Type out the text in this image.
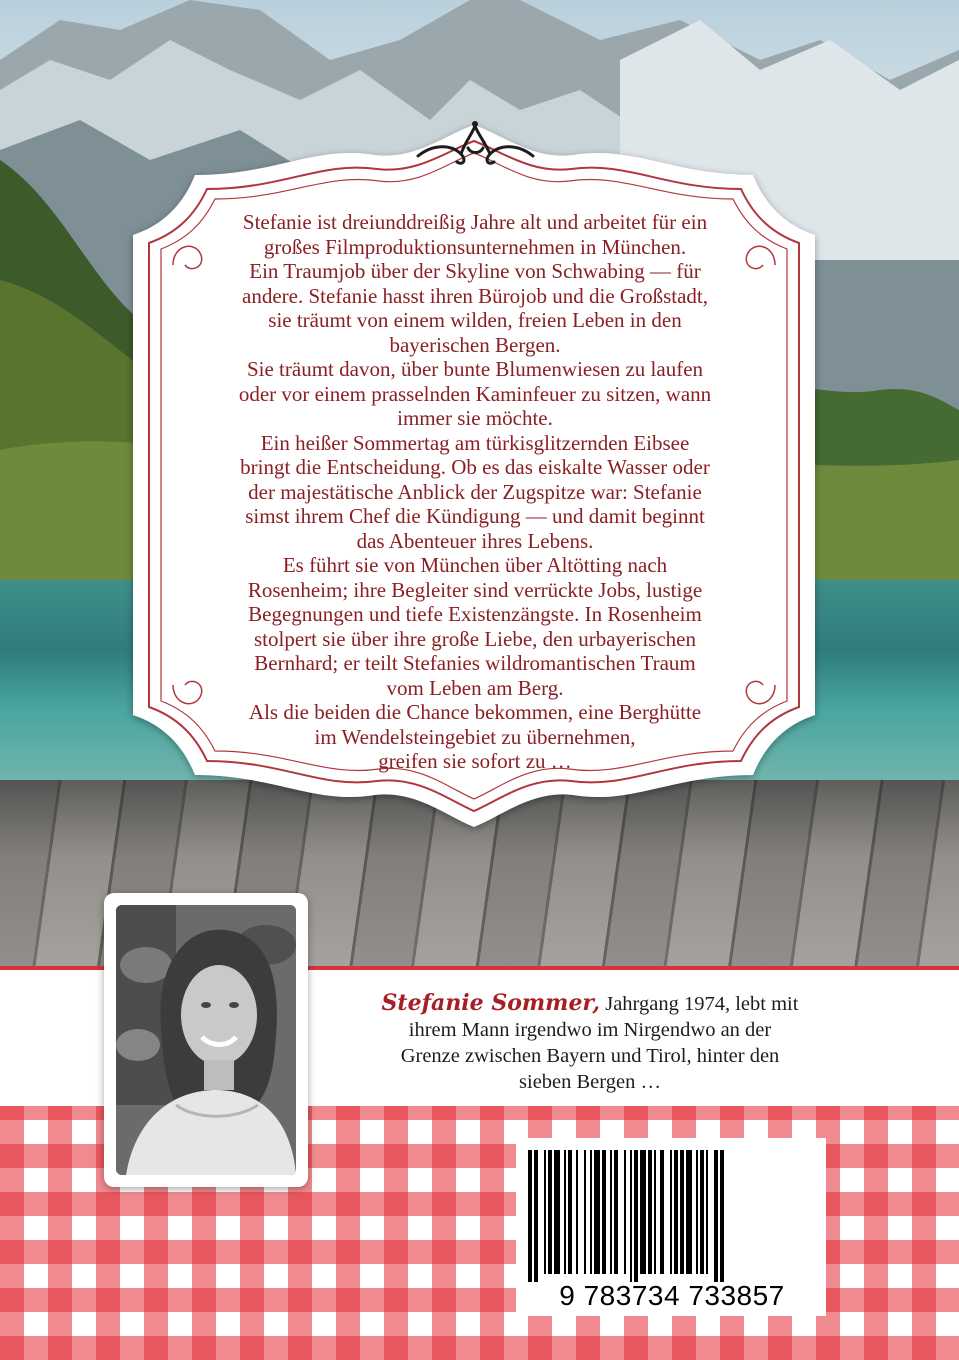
Stefanie ist dreiunddreißig Jahre alt und arbeitet für ein

großes Filmproduktionsunternehmen in München.

Ein Traumjob über der Skyline von Schwabing — für

andere. Stefanie hasst ihren Bürojob und die Großstadt,

sie träumt von einem wilden, freien Leben in den

bayerischen Bergen.

Sie träumt davon, über bunte Blumenwiesen zu laufen

oder vor einem prasselnden Kaminfeuer zu sitzen, wann

immer sie möchte.

Ein heißer Sommertag am türkisglitzernden Eibsee

bringt die Entscheidung. Ob es das eiskalte Wasser oder

der majestätische Anblick der Zugspitze war: Stefanie

simst ihrem Chef die Kündigung — und damit beginnt

das Abenteuer ihres Lebens.

Es führt sie von München über Altötting nach

Rosenheim; ihre Begleiter sind verrückte Jobs, lustige

Begegnungen und tiefe Existenzängste. In Rosenheim

stolpert sie über ihre große Liebe, den urbayerischen

Bernhard; er teilt Stefanies wildromantischen Traum

vom Leben am Berg.

Als die beiden die Chance bekommen, eine Berghütte

im Wendelsteingebiet zu übernehmen,

greifen sie sofort zu …

Stefanie Sommer, Jahrgang 1974, lebt mit
ihrem Mann irgendwo im Nirgendwo an der
Grenze zwischen Bayern und Tirol, hinter den
sieben Bergen …
9 783734 733857
